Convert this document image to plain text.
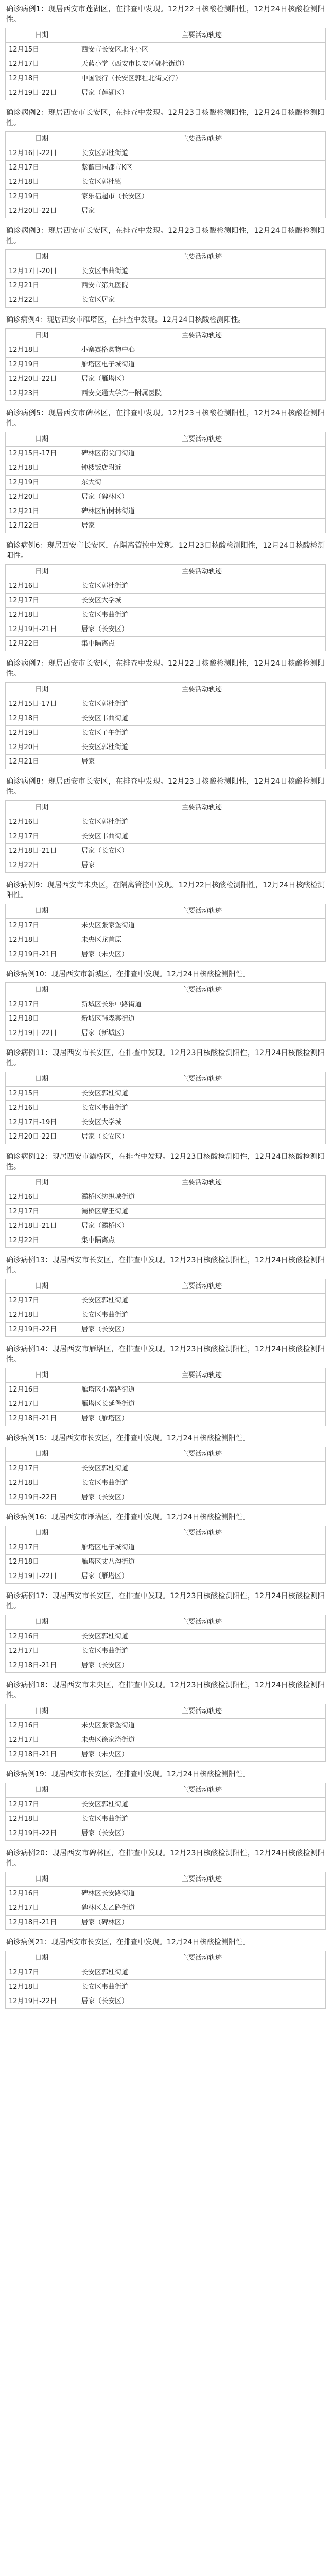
确诊病例1：现居西安市莲湖区，在排查中发现。12月22日核酸检测阳性，12月24日核酸检测阳性。
日期	主要活动轨迹
12月15日	西安市长安区北斗小区
12月17日	天蓝小学（西安市长安区郭杜街道）
12月18日	中国银行（长安区郭杜北街支行）
12月19日-22日	居家（莲湖区）
确诊病例2：现居西安市长安区，在排查中发现。12月23日核酸检测阳性，12月24日核酸检测阳性。
日期	主要活动轨迹
12月16日-22日	长安区郭杜街道
12月17日	紫薇田园都市K区
12月18日	长安区郭杜镇
12月19日	家乐福超市（长安区）
12月20日-22日	居家
确诊病例3：现居西安市长安区，在排查中发现。12月23日核酸检测阳性，12月24日核酸检测阳性。
日期	主要活动轨迹
12月17日-20日	长安区韦曲街道
12月21日	西安市第九医院
12月22日	长安区居家
确诊病例4：现居西安市雁塔区，在排查中发现。12月24日核酸检测阳性。
日期	主要活动轨迹
12月18日	小寨赛格购物中心
12月19日	雁塔区电子城街道
12月20日-22日	居家（雁塔区）
12月23日	西安交通大学第一附属医院
确诊病例5：现居西安市碑林区，在排查中发现。12月23日核酸检测阳性，12月24日核酸检测阳性。
日期	主要活动轨迹
12月15日-17日	碑林区南院门街道
12月18日	钟楼饭店附近
12月19日	东大街
12月20日	居家（碑林区）
12月21日	碑林区柏树林街道
12月22日	居家
确诊病例6：现居西安市长安区，在隔离管控中发现。12月23日核酸检测阳性，12月24日核酸检测阳性。
日期	主要活动轨迹
12月16日	长安区郭杜街道
12月17日	长安区大学城
12月18日	长安区韦曲街道
12月19日-21日	居家（长安区）
12月22日	集中隔离点
确诊病例7：现居西安市长安区，在排查中发现。12月22日核酸检测阳性，12月24日核酸检测阳性。
日期	主要活动轨迹
12月15日-17日	长安区郭杜街道
12月18日	长安区韦曲街道
12月19日	长安区子午街道
12月20日	长安区郭杜街道
12月21日	居家
确诊病例8：现居西安市长安区，在排查中发现。12月23日核酸检测阳性，12月24日核酸检测阳性。
日期	主要活动轨迹
12月16日	长安区郭杜街道
12月17日	长安区韦曲街道
12月18日-21日	居家（长安区）
12月22日	居家
确诊病例9：现居西安市未央区，在隔离管控中发现。12月22日核酸检测阳性，12月24日核酸检测阳性。
日期	主要活动轨迹
12月17日	未央区张家堡街道
12月18日	未央区龙首原
12月19日-21日	居家（未央区）
确诊病例10：现居西安市新城区，在排查中发现。12月24日核酸检测阳性。
日期	主要活动轨迹
12月17日	新城区长乐中路街道
12月18日	新城区韩森寨街道
12月19日-22日	居家（新城区）
确诊病例11：现居西安市长安区，在排查中发现。12月23日核酸检测阳性，12月24日核酸检测阳性。
日期	主要活动轨迹
12月15日	长安区郭杜街道
12月16日	长安区韦曲街道
12月17日-19日	长安区大学城
12月20日-22日	居家（长安区）
确诊病例12：现居西安市灞桥区，在排查中发现。12月23日核酸检测阳性，12月24日核酸检测阳性。
日期	主要活动轨迹
12月16日	灞桥区纺织城街道
12月17日	灞桥区席王街道
12月18日-21日	居家（灞桥区）
12月22日	集中隔离点
确诊病例13：现居西安市长安区，在排查中发现。12月23日核酸检测阳性，12月24日核酸检测阳性。
日期	主要活动轨迹
12月17日	长安区郭杜街道
12月18日	长安区韦曲街道
12月19日-22日	居家（长安区）
确诊病例14：现居西安市雁塔区，在排查中发现。12月23日核酸检测阳性，12月24日核酸检测阳性。
日期	主要活动轨迹
12月16日	雁塔区小寨路街道
12月17日	雁塔区长延堡街道
12月18日-21日	居家（雁塔区）
确诊病例15：现居西安市长安区，在排查中发现。12月24日核酸检测阳性。
日期	主要活动轨迹
12月17日	长安区郭杜街道
12月18日	长安区韦曲街道
12月19日-22日	居家（长安区）
确诊病例16：现居西安市雁塔区，在排查中发现。12月24日核酸检测阳性。
日期	主要活动轨迹
12月17日	雁塔区电子城街道
12月18日	雁塔区丈八沟街道
12月19日-22日	居家（雁塔区）
确诊病例17：现居西安市长安区，在排查中发现。12月23日核酸检测阳性，12月24日核酸检测阳性。
日期	主要活动轨迹
12月16日	长安区郭杜街道
12月17日	长安区韦曲街道
12月18日-21日	居家（长安区）
确诊病例18：现居西安市未央区，在排查中发现。12月23日核酸检测阳性，12月24日核酸检测阳性。
日期	主要活动轨迹
12月16日	未央区张家堡街道
12月17日	未央区徐家湾街道
12月18日-21日	居家（未央区）
确诊病例19：现居西安市长安区，在排查中发现。12月24日核酸检测阳性。
日期	主要活动轨迹
12月17日	长安区郭杜街道
12月18日	长安区韦曲街道
12月19日-22日	居家（长安区）
确诊病例20：现居西安市碑林区，在排查中发现。12月23日核酸检测阳性，12月24日核酸检测阳性。
日期	主要活动轨迹
12月16日	碑林区长安路街道
12月17日	碑林区太乙路街道
12月18日-21日	居家（碑林区）
确诊病例21：现居西安市长安区，在排查中发现。12月24日核酸检测阳性。
日期	主要活动轨迹
12月17日	长安区郭杜街道
12月18日	长安区韦曲街道
12月19日-22日	居家（长安区）
